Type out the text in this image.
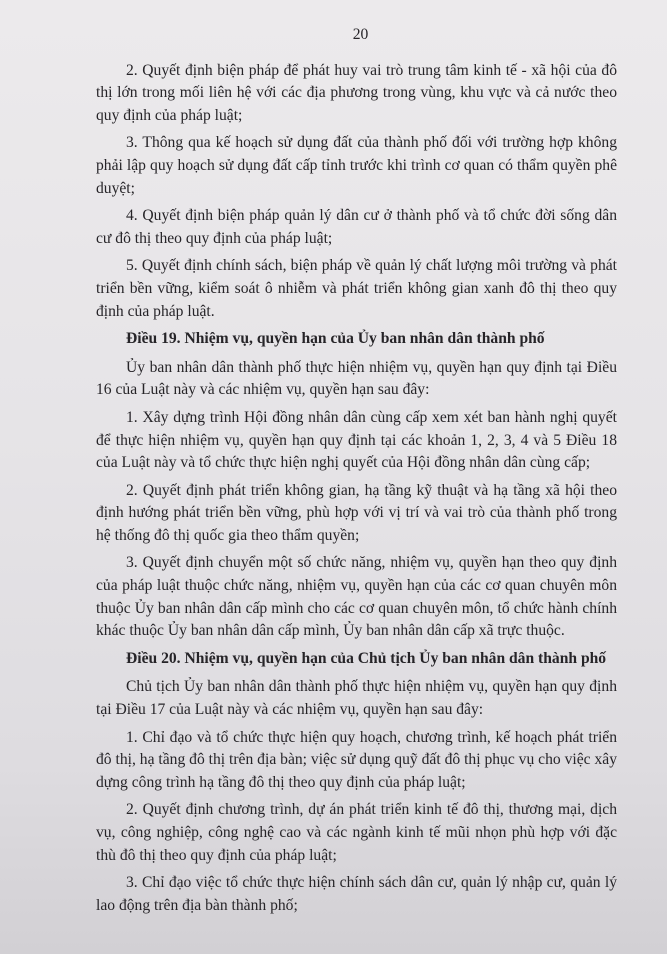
20

2. Quyết định biện pháp để phát huy vai trò trung tâm kinh tế - xã hội của đô thị lớn trong mối liên hệ với các địa phương trong vùng, khu vực và cả nước theo quy định của pháp luật;

3. Thông qua kế hoạch sử dụng đất của thành phố đối với trường hợp không phải lập quy hoạch sử dụng đất cấp tỉnh trước khi trình cơ quan có thẩm quyền phê duyệt;

4. Quyết định biện pháp quản lý dân cư ở thành phố và tổ chức đời sống dân cư đô thị theo quy định của pháp luật;

5. Quyết định chính sách, biện pháp về quản lý chất lượng môi trường và phát triển bền vững, kiểm soát ô nhiễm và phát triển không gian xanh đô thị theo quy định của pháp luật.

Điều 19. Nhiệm vụ, quyền hạn của Ủy ban nhân dân thành phố

Ủy ban nhân dân thành phố thực hiện nhiệm vụ, quyền hạn quy định tại Điều 16 của Luật này và các nhiệm vụ, quyền hạn sau đây:

1. Xây dựng trình Hội đồng nhân dân cùng cấp xem xét ban hành nghị quyết để thực hiện nhiệm vụ, quyền hạn quy định tại các khoản 1, 2, 3, 4 và 5 Điều 18 của Luật này và tổ chức thực hiện nghị quyết của Hội đồng nhân dân cùng cấp;

2. Quyết định phát triển không gian, hạ tầng kỹ thuật và hạ tầng xã hội theo định hướng phát triển bền vững, phù hợp với vị trí và vai trò của thành phố trong hệ thống đô thị quốc gia theo thẩm quyền;

3. Quyết định chuyển một số chức năng, nhiệm vụ, quyền hạn theo quy định của pháp luật thuộc chức năng, nhiệm vụ, quyền hạn của các cơ quan chuyên môn thuộc Ủy ban nhân dân cấp mình cho các cơ quan chuyên môn, tổ chức hành chính khác thuộc Ủy ban nhân dân cấp mình, Ủy ban nhân dân cấp xã trực thuộc.

Điều 20. Nhiệm vụ, quyền hạn của Chủ tịch Ủy ban nhân dân thành phố

Chủ tịch Ủy ban nhân dân thành phố thực hiện nhiệm vụ, quyền hạn quy định tại Điều 17 của Luật này và các nhiệm vụ, quyền hạn sau đây:

1. Chỉ đạo và tổ chức thực hiện quy hoạch, chương trình, kế hoạch phát triển đô thị, hạ tầng đô thị trên địa bàn; việc sử dụng quỹ đất đô thị phục vụ cho việc xây dựng công trình hạ tầng đô thị theo quy định của pháp luật;

2. Quyết định chương trình, dự án phát triển kinh tế đô thị, thương mại, dịch vụ, công nghiệp, công nghệ cao và các ngành kinh tế mũi nhọn phù hợp với đặc thù đô thị theo quy định của pháp luật;

3. Chỉ đạo việc tổ chức thực hiện chính sách dân cư, quản lý nhập cư, quản lý lao động trên địa bàn thành phố;
